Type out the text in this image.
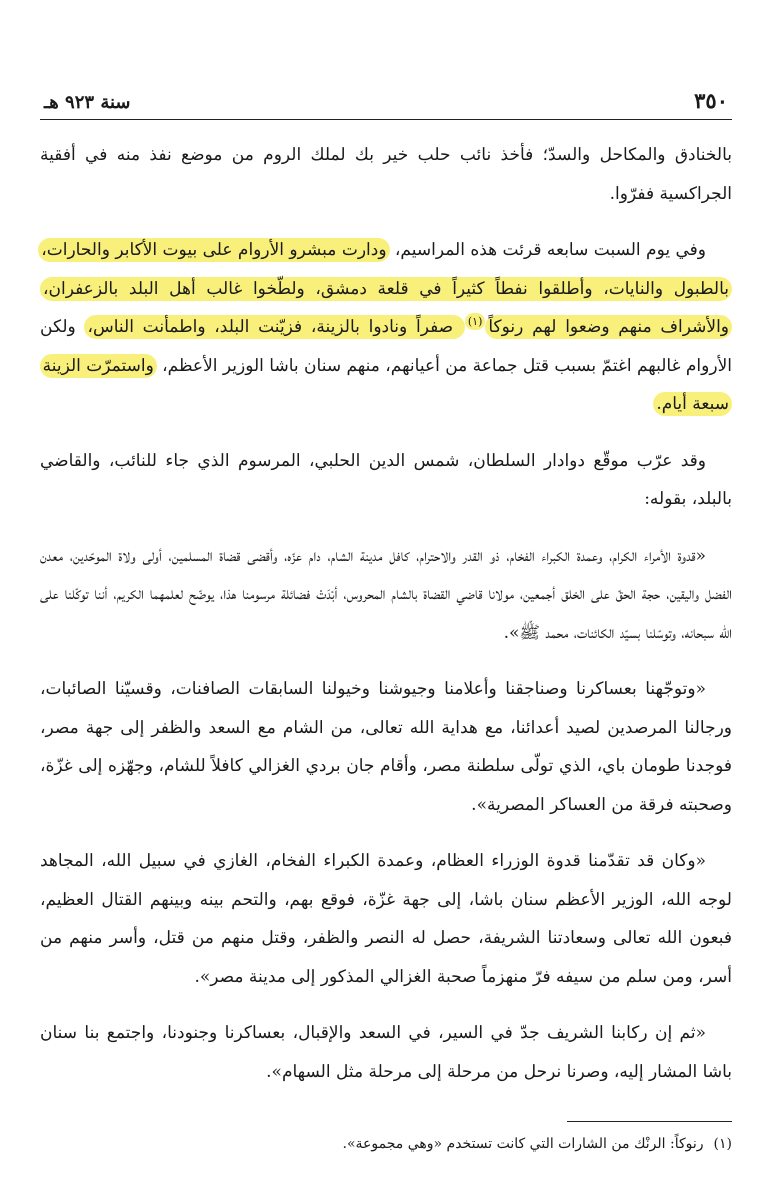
٣٥٠
سنة ٩٢٣ هـ

بالخنادق والمكاحل والسدّ؛ فأخذ نائب حلب خير بك لملك الروم من موضع نفذ منه في أفقية الجراكسية ففرّوا.

وفي يوم السبت سابعه قرئت هذه المراسيم، ودارت مبشرو الأروام على بيوت الأكابر والحارات، بالطبول والنايات، وأطلقوا نفطاً كثيراً في قلعة دمشق، ولطّخوا غالب أهل البلد بالزعفران، والأشراف منهم وضعوا لهم رنوكاً$^{(١)}$ صفراً ونادوا بالزينة، فزيّنت البلد، واطمأنت الناس، ولكن الأروام غالبهم اغتمّ بسبب قتل جماعة من أعيانهم، منهم سنان باشا الوزير الأعظم، واستمرّت الزينة سبعة أيام.

وقد عرّب موقّع دوادار السلطان، شمس الدين الحلبي، المرسوم الذي جاء للنائب، والقاضي بالبلد، بقوله:

«قدوة الأمراء الكرام، وعمدة الكبراء الفخام، ذو القدر والاحترام، كافل مدينة الشام، دام عزّه، وأقضى قضاة المسلمين، أولى ولاة الموحّدين، معدن الفضل واليقين، حجة الحقّ على الخلق أجمعين، مولانا قاضي القضاة بالشام المحروس، أبْدَتْ فضائلة مرسومنا هذا، يوضّح لعلمهما الكريم، أننا توكّلنا على الله سبحانه، وتوسّلنا بسيّد الكائنات، محمد ﷺ».

«وتوجّهنا بعساكرنا وصناجقنا وأعلامنا وجيوشنا وخيولنا السابقات الصافنات، وقسيّنا الصائبات، ورجالنا المرصدين لصيد أعدائنا، مع هداية الله تعالى، من الشام مع السعد والظفر إلى جهة مصر، فوجدنا طومان باي، الذي تولّى سلطنة مصر، وأقام جان بردي الغزالي كافلاً للشام، وجهّزه إلى غزّة، وصحبته فرقة من العساكر المصرية».

«وكان قد تقدّمنا قدوة الوزراء العظام، وعمدة الكبراء الفخام، الغازي في سبيل الله، المجاهد لوجه الله، الوزير الأعظم سنان باشا، إلى جهة غزّة، فوقع بهم، والتحم بينه وبينهم القتال العظيم، فبعون الله تعالى وسعادتنا الشريفة، حصل له النصر والظفر، وقتل منهم من قتل، وأسر منهم من أسر، ومن سلم من سيفه فرّ منهزماً صحبة الغزالي المذكور إلى مدينة مصر».

«ثم إن ركابنا الشريف جدّ في السير، في السعد والإقبال، بعساكرنا وجنودنا، واجتمع بنا سنان باشا المشار إليه، وصرنا نرحل من مرحلة إلى مرحلة مثل السهام».

(١)رنوكاً: الرنْك من الشارات التي كانت تستخدم «وهي مجموعة».
